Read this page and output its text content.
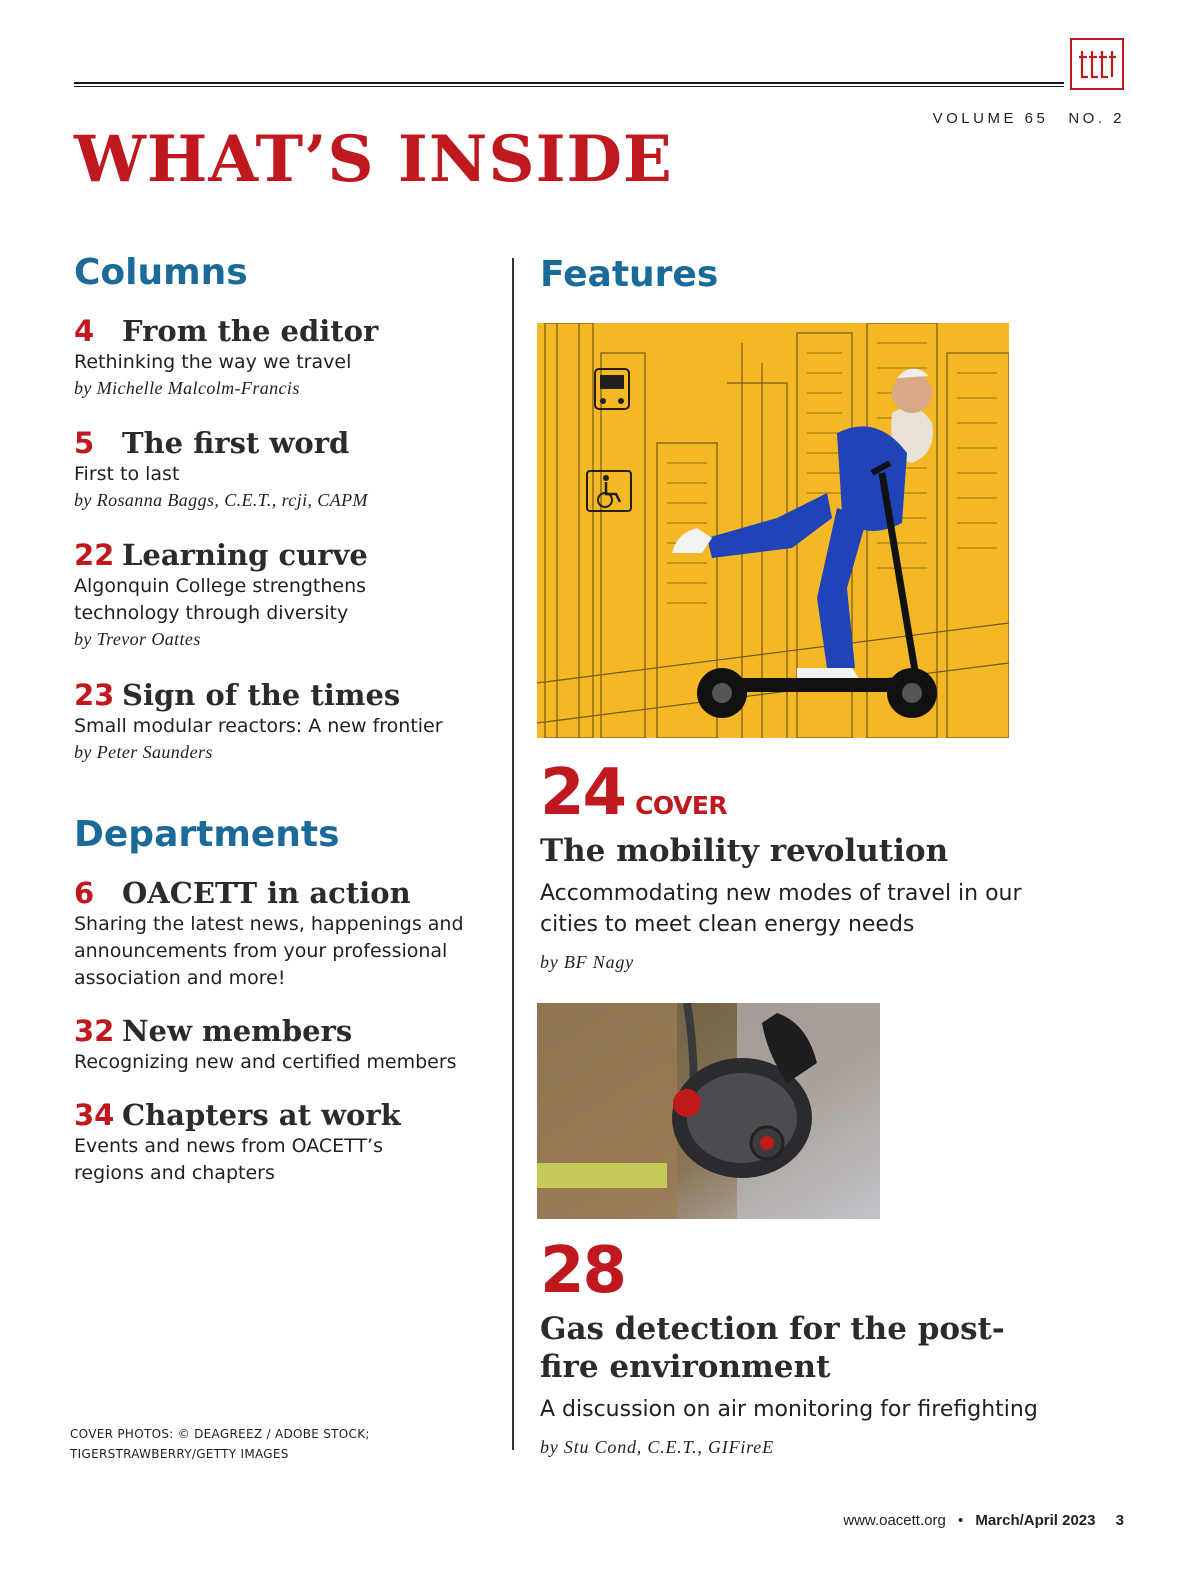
VOLUME 65 NO. 2
WHAT’S INSIDE
Columns
4 From the editor

Rethinking the way we travel

by Michelle Malcolm-Francis

5 The first word

First to last

by Rosanna Baggs, C.E.T., rcji, CAPM

22 Learning curve

Algonquin College strengthens technology through diversity

by Trevor Oattes

23 Sign of the times

Small modular reactors: A new frontier

by Peter Saunders

Departments
6 OACETT in action

Sharing the latest news, happenings and announcements from your professional association and more!

32 New members

Recognizing new and certified members

34 Chapters at work

Events and news from OACETT’s regions and chapters

Features
24 COVER
The mobility revolution

Accommodating new modes of travel in our cities to meet clean energy needs

by BF Nagy

28
Gas detection for the post-fire environment

A discussion on air monitoring for firefighting

by Stu Cond, C.E.T., GIFireE

COVER PHOTOS: © DEAGREEZ / ADOBE STOCK;
TIGERSTRAWBERRY/GETTY IMAGES
www.oacett.org • March/April 2023 3
